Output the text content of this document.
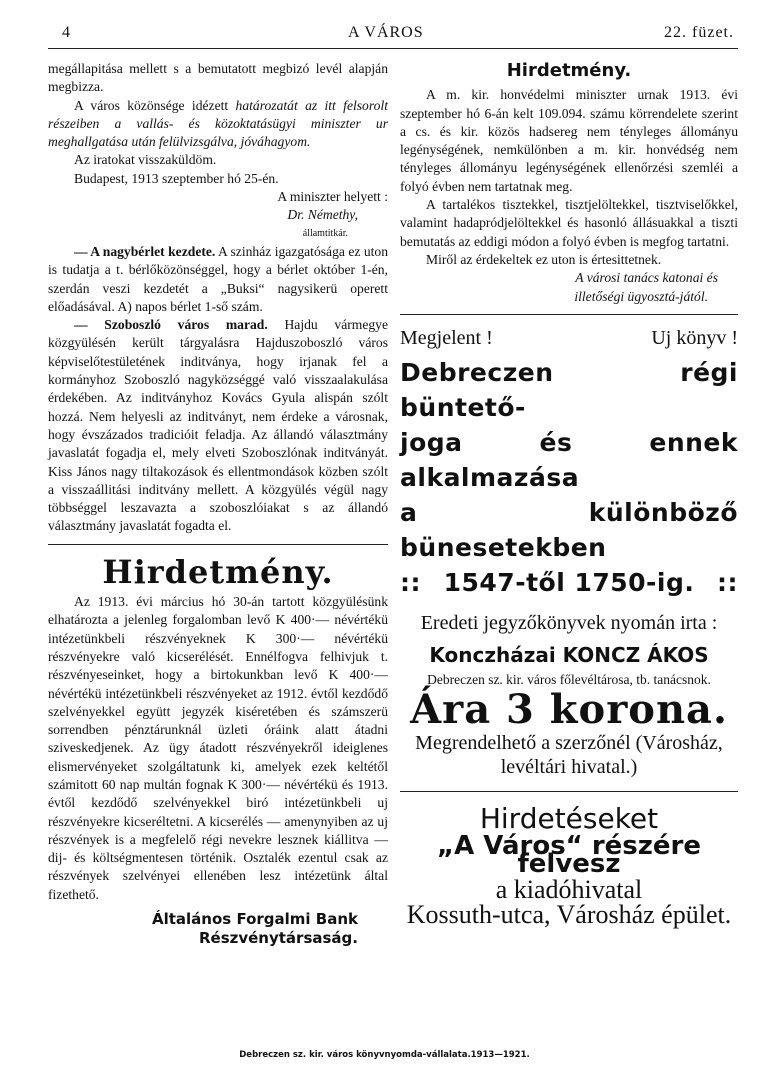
4	A VÁROS	22. füzet.

megállapitása mellett s a bemutatott megbizó levél alapján megbizza.

A város közönsége idézett határozatát az itt felsorolt részeiben a vallás- és közoktatásügyi miniszter ur meghallgatása után felülvizsgálva, jóváhagyom.

Az iratokat visszaküldöm.

Budapest, 1913 szeptember hó 25-én.

A miniszter helyett :

Dr. Némethy,

államtitkár.

— A nagybérlet kezdete. A szinház igazgatósága ez uton is tudatja a t. bérlőközönséggel, hogy a bérlet október 1-én, szerdán veszi kezdetét a „Buksi“ nagysikerü operett előadásával. A) napos bérlet 1-ső szám.

— Szoboszló város marad. Hajdu vármegye közgyülésén került tárgyalásra Hajduszoboszló város képviselőtestületének inditványa, hogy irjanak fel a kormányhoz Szoboszló nagyközséggé való visszaalakulása érdekében. Az inditványhoz Kovács Gyula alispán szólt hozzá. Nem helyesli az inditványt, nem érdeke a városnak, hogy évszázados tradicióit feladja. Az állandó választmány javaslatát fogadja el, mely elveti Szoboszlónak inditványát. Kiss János nagy tiltakozások és ellentmondások közben szólt a visszaállitási inditvány mellett. A közgyülés végül nagy többséggel leszavazta a szoboszlóiakat s az állandó választmány javaslatát fogadta el.

Hirdetmény.

Az 1913. évi március hó 30-án tartott közgyülésünk elhatározta a jelenleg forgalomban levő K 400·— névértékü intézetünkbeli részvényeknek K 300·— névértékü részvényekre való kicserélését. Ennélfogva felhivjuk t. részvényeseinket, hogy a birtokunkban levő K 400·— névértékü intézetünkbeli részvényeket az 1912. évtől kezdődő szelvényekkel együtt jegyzék kiséretében és számszerü sorrendben pénztárunknál üzleti óráink alatt átadni sziveskedjenek. Az ügy átadott részvényekről ideiglenes elismervényeket szolgáltatunk ki, amelyek ezek keltétől számitott 60 nap multán fognak K 300·— névértékü és 1913. évtől kezdődő szelvényekkel biró intézetünkbeli uj részvényekre kicseréltetni. A kicserélés — amenynyiben az uj részvények is a megfelelő régi nevekre lesznek kiállitva — dij- és költségmentesen történik. Osztalék ezentul csak az részvények szelvényei ellenében lesz intézetünk által fizethető.

Általános Forgalmi Bank
Részvénytársaság.
Hirdetmény.

A m. kir. honvédelmi miniszter urnak 1913. évi szeptember hó 6-án kelt 109.094. számu körrendelete szerint a cs. és kir. közös hadsereg nem tényleges állományu legénységének, nemkülönben a m. kir. honvédség nem tényleges állományu legénységének ellenőrzési szemléi a folyó évben nem tartatnak meg.

A tartalékos tisztekkel, tisztjelöltekkel, tisztviselőkkel, valamint hadapródjelöltekkel és hasonló állásuakkal a tiszti bemutatás az eddigi módon a folyó évben is megfog tartatni.

Miről az érdekeltek ez uton is értesittetnek.

A városi tanács katonai és

illetőségi ügyosztá-jától.

Megjelent !	Uj könyv !
Debreczen régi büntető-
joga és ennek alkalmazása
a különböző bünesetekben
:: 1547-től 1750-ig. ::
Eredeti jegyzőkönyvek nyomán irta :
Konczházai KONCZ ÁKOS
Debreczen sz. kir. város főlevéltárosa, tb. tanácsnok.
Ára 3 korona.
Megrendelhető a szerzőnél (Városház,
levéltári hivatal.)
Hirdetéseket
„A Város“ részére felvesz
a kiadóhivatal
Kossuth-utca, Városház épület.
Debreczen sz. kir. város könyvnyomda-vállalata.1913—1921.
